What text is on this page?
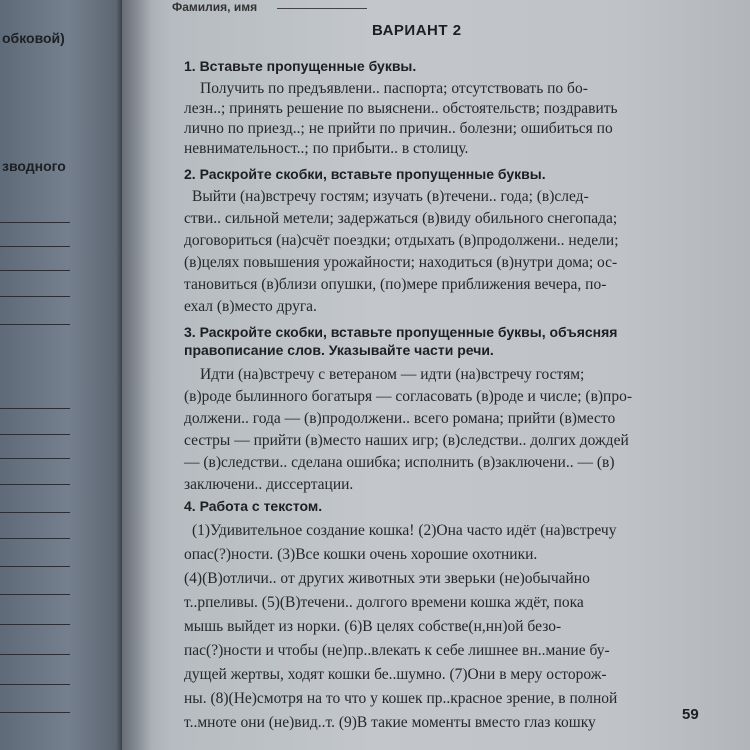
обковой)
зводного
Фамилия, имя
ВАРИАНТ 2
1. Вставьте пропущенные буквы.
Получить по предъявлени.. паспорта; отсутствовать по бо-
лезн..; принять решение по выяснени.. обстоятельств; поздравить
лично по приезд..; не прийти по причин.. болезни; ошибиться по
невнимательност..; по прибыти.. в столицу.
2. Раскройте скобки, вставьте пропущенные буквы.
Выйти (на)встречу гостям; изучать (в)течени.. года; (в)след-
стви.. сильной метели; задержаться (в)виду обильного снегопада;
договориться (на)счёт поездки; отдыхать (в)продолжени.. недели;
(в)целях повышения урожайности; находиться (в)нутри дома; ос-
тановиться (в)близи опушки, (по)мере приближения вечера, по-
ехал (в)место друга.
3. Раскройте скобки, вставьте пропущенные буквы, объясняя
правописание слов. Указывайте части речи.
Идти (на)встречу с ветераном — идти (на)встречу гостям;
(в)роде былинного богатыря — согласовать (в)роде и числе; (в)про-
должени.. года — (в)продолжени.. всего романа; прийти (в)место
сестры — прийти (в)место наших игр; (в)следстви.. долгих дождей
— (в)следстви.. сделана ошибка; исполнить (в)заключени.. — (в)
заключени.. диссертации.
4. Работа с текстом.
(1)Удивительное создание кошка! (2)Она часто идёт (на)встречу
опас(?)ности. (3)Все кошки очень хорошие охотники.
(4)(В)отличи.. от других животных эти зверьки (не)обычайно
т..рпеливы. (5)(В)течени.. долгого времени кошка ждёт, пока
мышь выйдет из норки. (6)В целях собстве(н,нн)ой безо-
пас(?)ности и чтобы (не)пр..влекать к себе лишнее вн..мание бу-
дущей жертвы, ходят кошки бе..шумно. (7)Они в меру осторож-
ны. (8)(Не)смотря на то что у кошек пр..красное зрение, в полной
т..мноте они (не)вид..т. (9)В такие моменты вместо глаз кошку	59
